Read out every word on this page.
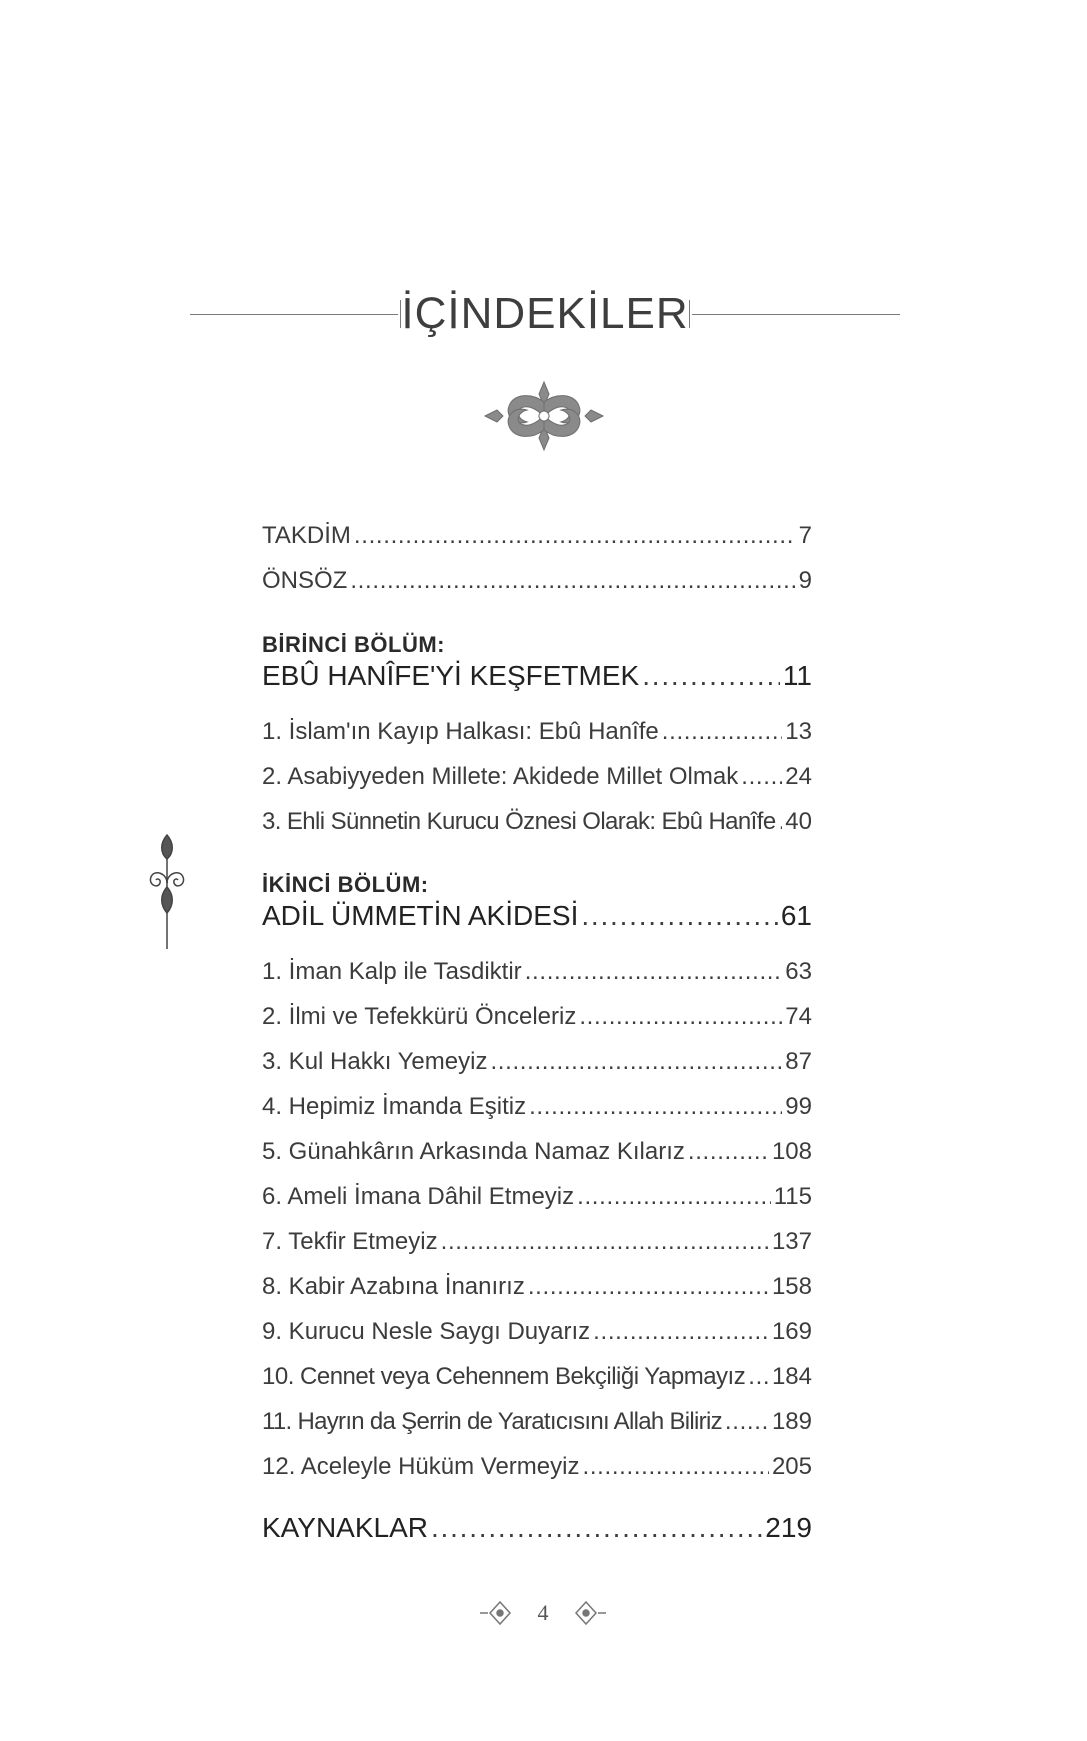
İÇİNDEKİLER
TAKDİM . . .	7
ÖNSÖZ . . .	9
BİRİNCİ BÖLÜM:
EBÛ HANÎFE'Yİ KEŞFETMEK . . .	11
1. İslam'ın Kayıp Halkası: Ebû Hanîfe . . .	13
2. Asabiyyeden Millete: Akidede Millet Olmak . . . 24
3. Ehli Sünnetin Kurucu Öznesi Olarak: Ebû Hanîfe . . . 40
İKİNCİ BÖLÜM:
ADİL ÜMMETİN AKİDESİ . . .	61
1. İman Kalp ile Tasdiktir . . .	63
2. İlmi ve Tefekkürü Önceleriz . . .	74
3. Kul Hakkı Yemeyiz . . .	87
4. Hepimiz İmanda Eşitiz . . .	99
5. Günahkârın Arkasında Namaz Kılarız . . .	108
6. Ameli İmana Dâhil Etmeyiz . . .	115
7. Tekfir Etmeyiz . . .	137
8. Kabir Azabına İnanırız . . .	158
9. Kurucu Nesle Saygı Duyarız . . .	169
10. Cennet veya Cehennem Bekçiliği Yapmayız . . . 184
11. Hayrın da Şerrin de Yaratıcısını Allah Biliriz . . . 189
12. Aceleyle Hüküm Vermeyiz . . .	205
KAYNAKLAR . . .	219
4
